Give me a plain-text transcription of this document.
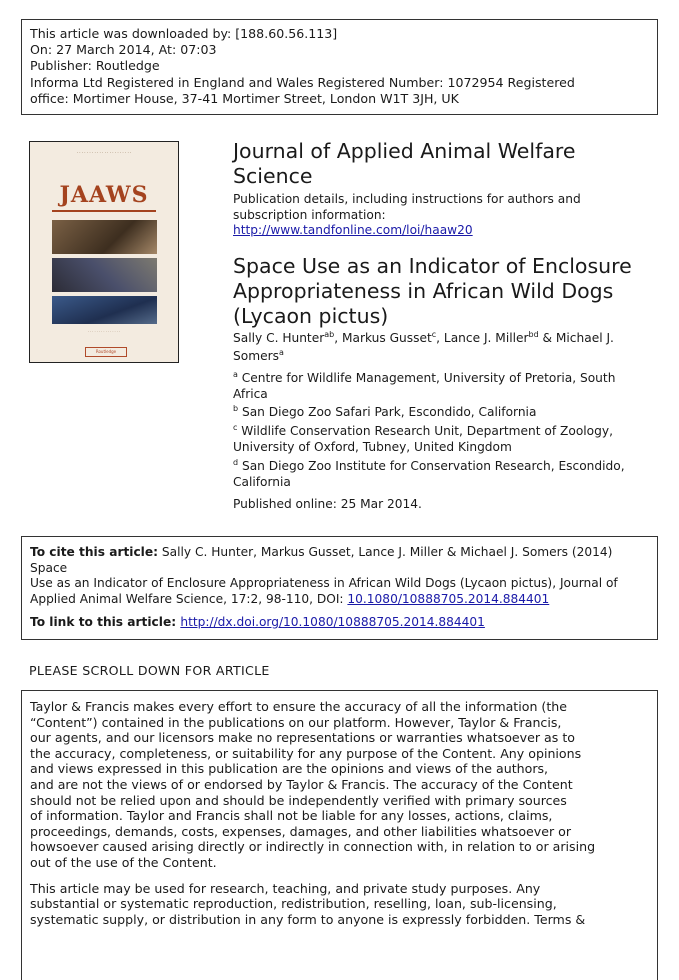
This article was downloaded by: [188.60.56.113]
On: 27 March 2014, At: 07:03
Publisher: Routledge
Informa Ltd Registered in England and Wales Registered Number: 1072954 Registered
office: Mortimer House, 37-41 Mortimer Street, London W1T 3JH, UK
· · · · · · · · · · · · · · · · · · · · · ·
JAAWS
· · · · · · · · · · · · · · ·
Routledge
Journal of Applied Animal Welfare
Science
Publication details, including instructions for authors and
subscription information:
http://www.tandfonline.com/loi/haaw20
Space Use as an Indicator of Enclosure
Appropriateness in African Wild Dogs
(Lycaon pictus)
Sally C. Hunter$^{ab}$, Markus Gusset$^c$, Lance J. Miller$^{bd}$ & Michael J.
Somers$^a$
$^a$ Centre for Wildlife Management, University of Pretoria, South
Africa
$^b$ San Diego Zoo Safari Park, Escondido, California
$^c$ Wildlife Conservation Research Unit, Department of Zoology,
University of Oxford, Tubney, United Kingdom
$^d$ San Diego Zoo Institute for Conservation Research, Escondido,
California
Published online: 25 Mar 2014.
To cite this article: Sally C. Hunter, Markus Gusset, Lance J. Miller & Michael J. Somers (2014) Space
Use as an Indicator of Enclosure Appropriateness in African Wild Dogs (Lycaon pictus), Journal of
Applied Animal Welfare Science, 17:2, 98-110, DOI: 10.1080/10888705.2014.884401
To link to this article: http://dx.doi.org/10.1080/10888705.2014.884401
PLEASE SCROLL DOWN FOR ARTICLE

Taylor & Francis makes every effort to ensure the accuracy of all the information (the
“Content”) contained in the publications on our platform. However, Taylor & Francis,
our agents, and our licensors make no representations or warranties whatsoever as to
the accuracy, completeness, or suitability for any purpose of the Content. Any opinions
and views expressed in this publication are the opinions and views of the authors,
and are not the views of or endorsed by Taylor & Francis. The accuracy of the Content
should not be relied upon and should be independently verified with primary sources
of information. Taylor and Francis shall not be liable for any losses, actions, claims,
proceedings, demands, costs, expenses, damages, and other liabilities whatsoever or
howsoever caused arising directly or indirectly in connection with, in relation to or arising
out of the use of the Content.

This article may be used for research, teaching, and private study purposes. Any
substantial or systematic reproduction, redistribution, reselling, loan, sub-licensing,
systematic supply, or distribution in any form to anyone is expressly forbidden. Terms &
